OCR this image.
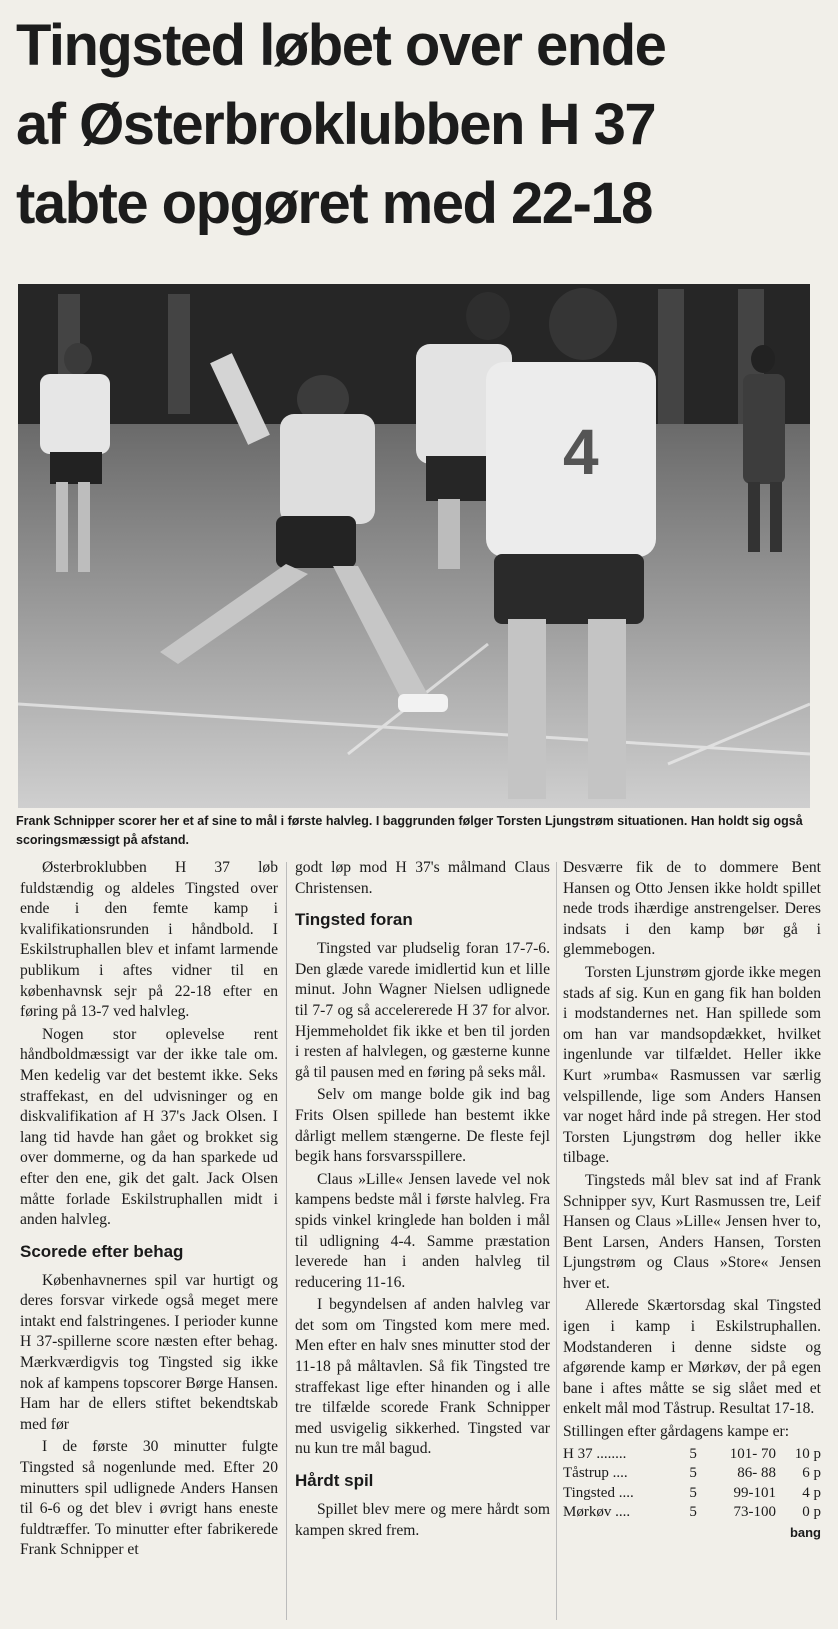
Tingsted løbet over ende
af Østerbroklubben H 37
tabte opgøret med 22-18
4

Frank Schnipper scorer her et af sine to mål i første halvleg. I baggrunden følger Torsten Ljungstrøm situationen. Han holdt sig også scoringsmæssigt på afstand.

Østerbroklubben H 37 løb fuldstændig og aldeles Tingsted over ende i den femte kamp i kvalifikationsrunden i håndbold. I Eskilstruphallen blev et infamt larmende publikum i aftes vidner til en københavnsk sejr på 22-18 efter en føring på 13-7 ved halvleg.

Nogen stor oplevelse rent håndboldmæssigt var der ikke tale om. Men kedelig var det bestemt ikke. Seks straffekast, en del udvisninger og en diskvalifikation af H 37's Jack Olsen. I lang tid havde han gået og brokket sig over dommerne, og da han sparkede ud efter den ene, gik det galt. Jack Olsen måtte forlade Eskilstruphallen midt i anden halvleg.

Scorede efter behag

Københavnernes spil var hurtigt og deres forsvar virkede også meget mere intakt end falstringenes. I perioder kunne H 37-spillerne score næsten efter behag. Mærkværdigvis tog Tingsted sig ikke nok af kampens topscorer Børge Hansen. Ham har de ellers stiftet bekendtskab med før

I de første 30 minutter fulgte Tingsted så nogenlunde med. Efter 20 minutters spil udlignede Anders Hansen til 6-6 og det blev i øvrigt hans eneste fuldtræffer. To minutter efter fabrikerede Frank Schnipper et

godt løp mod H 37's målmand Claus Christensen.

Tingsted foran

Tingsted var pludselig foran 17-7-6. Den glæde varede imidlertid kun et lille minut. John Wagner Nielsen udlignede til 7-7 og så accelererede H 37 for alvor. Hjemmeholdet fik ikke et ben til jorden i resten af halvlegen, og gæsterne kunne gå til pausen med en føring på seks mål.

Selv om mange bolde gik ind bag Frits Olsen spillede han bestemt ikke dårligt mellem stængerne. De fleste fejl begik hans forsvarsspillere.

Claus »Lille« Jensen lavede vel nok kampens bedste mål i første halvleg. Fra spids vinkel kringlede han bolden i mål til udligning 4-4. Samme præstation leverede han i anden halvleg til reducering 11-16.

I begyndelsen af anden halvleg var det som om Tingsted kom mere med. Men efter en halv snes minutter stod der 11-18 på måltavlen. Så fik Tingsted tre straffekast lige efter hinanden og i alle tre tilfælde scorede Frank Schnipper med usvigelig sikkerhed. Tingsted var nu kun tre mål bagud.

Hårdt spil

Spillet blev mere og mere hårdt som kampen skred frem.

Desværre fik de to dommere Bent Hansen og Otto Jensen ikke holdt spillet nede trods ihærdige anstrengelser. Deres indsats i den kamp bør gå i glemmebogen.

Torsten Ljunstrøm gjorde ikke megen stads af sig. Kun en gang fik han bolden i modstandernes net. Han spillede som om han var mandsopdækket, hvilket ingenlunde var tilfældet. Heller ikke Kurt »rumba« Rasmussen var særlig velspillende, lige som Anders Hansen var noget hård inde på stregen. Her stod Torsten Ljungstrøm dog heller ikke tilbage.

Tingsteds mål blev sat ind af Frank Schnipper syv, Kurt Rasmussen tre, Leif Hansen og Claus »Lille« Jensen hver to, Bent Larsen, Anders Hansen, Torsten Ljungstrøm og Claus »Store« Jensen hver et.

Allerede Skærtorsdag skal Tingsted igen i kamp i Eskilstruphallen. Modstanderen i denne sidste og afgørende kamp er Mørkøv, der på egen bane i aftes måtte se sig slået med et enkelt mål mod Tåstrup. Resultat 17-18.

Stillingen efter gårdagens kampe er:

H 37 ........	5	101- 70	10 p
Tåstrup ....	5	86- 88	6 p
Tingsted ....	5	99-101	4 p
Mørkøv ....	5	73-100	0 p
bang
